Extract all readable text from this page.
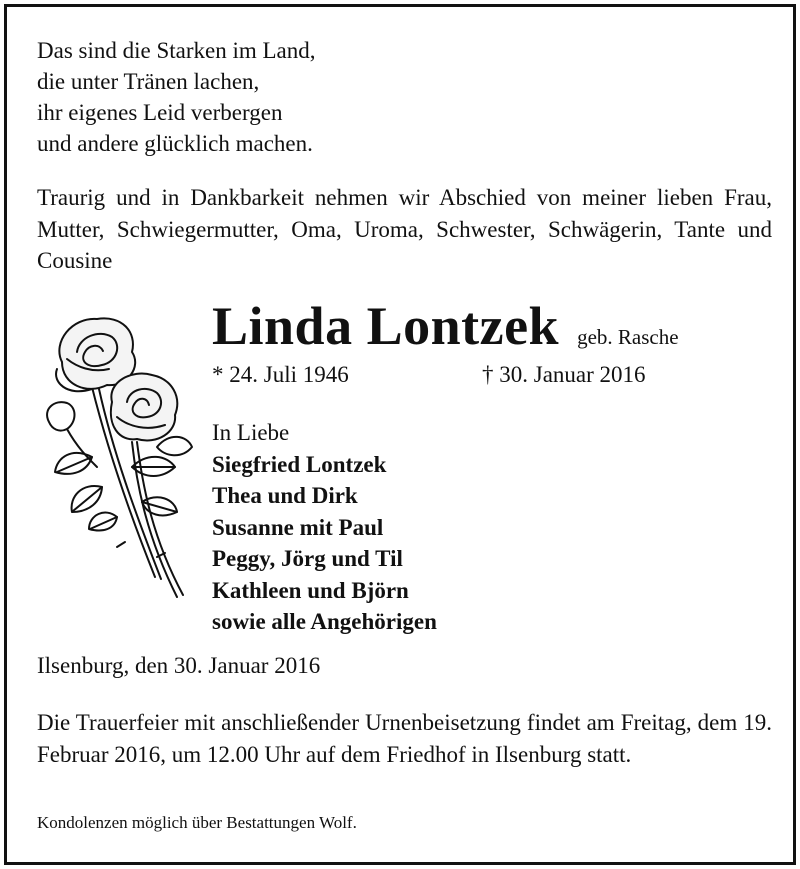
Das sind die Starken im Land,
die unter Tränen lachen,
ihr eigenes Leid verbergen
und andere glücklich machen.
Traurig und in Dankbarkeit nehmen wir Abschied von meiner lieben Frau, Mutter, Schwiegermutter, Oma, Uroma, Schwester, Schwägerin, Tante und Cousine
Linda Lontzek geb. Rasche
* 24. Juli 1946	† 30. Januar 2016
In Liebe
Siegfried Lontzek
Thea und Dirk
Susanne mit Paul
Peggy, Jörg und Til
Kathleen und Björn
sowie alle Angehörigen
Ilsenburg, den 30. Januar 2016
Die Trauerfeier mit anschließender Urnenbeisetzung findet am Freitag, dem 19. Februar 2016, um 12.00 Uhr auf dem Friedhof in Ilsenburg statt.
Kondolenzen möglich über Bestattungen Wolf.
